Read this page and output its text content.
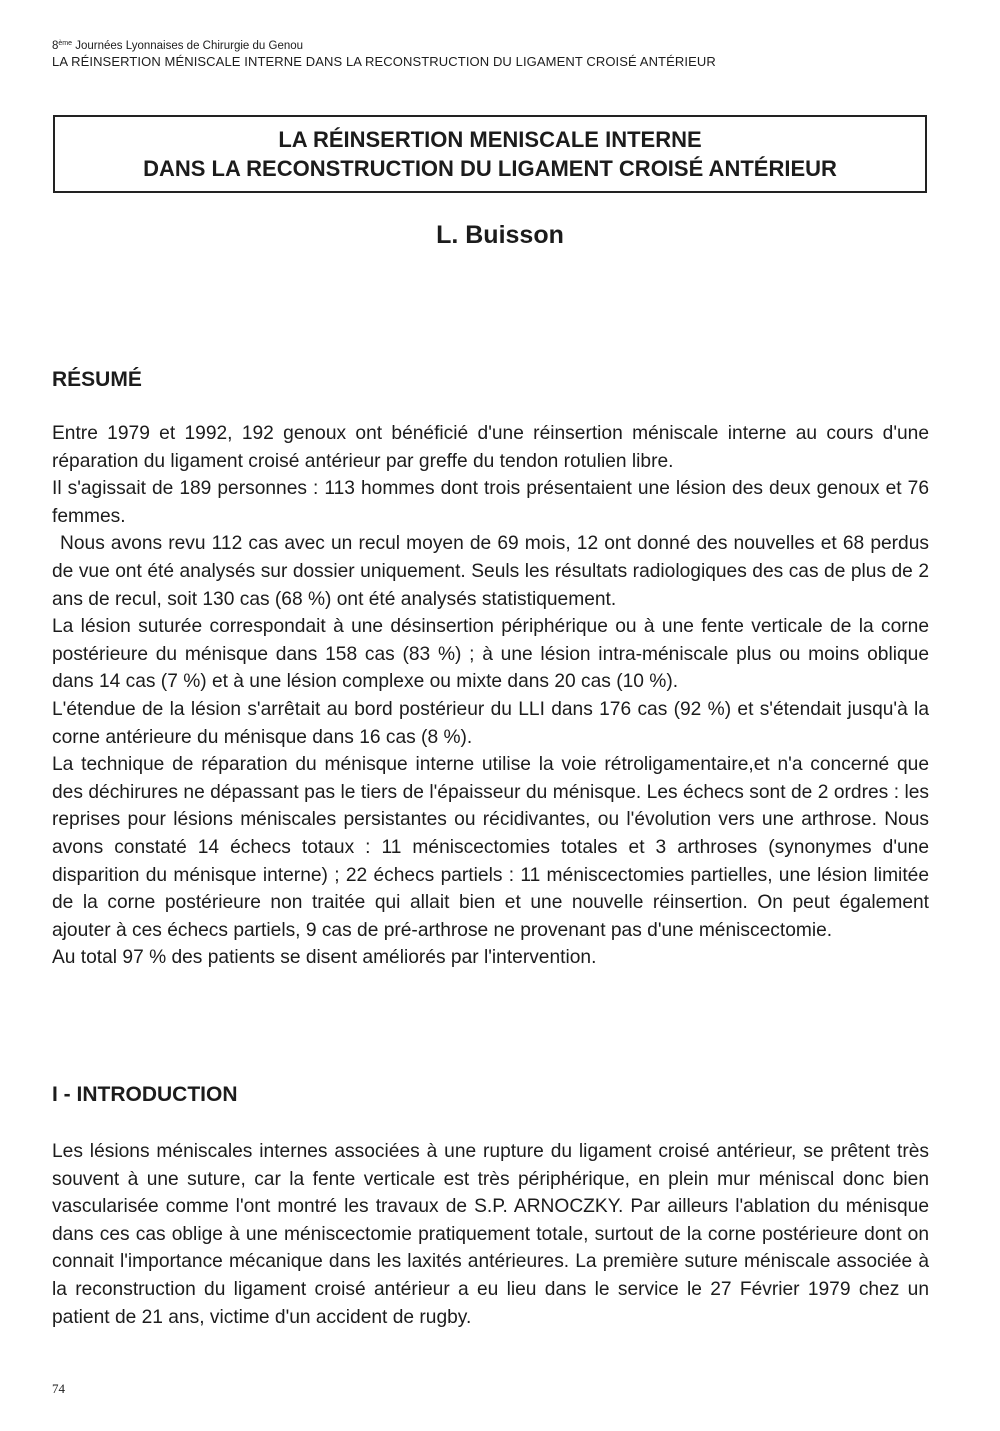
8ème Journées Lyonnaises de Chirurgie du Genou
LA RÉINSERTION MÉNISCALE INTERNE DANS LA RECONSTRUCTION DU LIGAMENT CROISÉ ANTÉRIEUR
LA RÉINSERTION MENISCALE INTERNE
DANS LA RECONSTRUCTION DU LIGAMENT CROISÉ ANTÉRIEUR
L. Buisson
RÉSUMÉ

Entre 1979 et 1992, 192 genoux ont bénéficié d'une réinsertion méniscale interne au cours d'une réparation du ligament croisé antérieur par greffe du tendon rotulien libre.

Il s'agissait de 189 personnes : 113 hommes dont trois présentaient une lésion des deux genoux et 76 femmes.

Nous avons revu 112 cas avec un recul moyen de 69 mois, 12 ont donné des nouvelles et 68 perdus de vue ont été analysés sur dossier uniquement. Seuls les résultats radiologiques des cas de plus de 2 ans de recul, soit 130 cas (68 %) ont été analysés statistiquement.

La lésion suturée correspondait à une désinsertion périphérique ou à une fente verticale de la corne postérieure du ménisque dans 158 cas (83 %) ; à une lésion intra-méniscale plus ou moins oblique dans 14 cas (7 %) et à une lésion complexe ou mixte dans 20 cas (10 %).

L'étendue de la lésion s'arrêtait au bord postérieur du LLI dans 176 cas (92 %) et s'étendait jusqu'à la corne antérieure du ménisque dans 16 cas (8 %).

La technique de réparation du ménisque interne utilise la voie rétroligamentaire,et n'a concerné que des déchirures ne dépassant pas le tiers de l'épaisseur du ménisque. Les échecs sont de 2 ordres : les reprises pour lésions méniscales persistantes ou récidivantes, ou l'évolution vers une arthrose. Nous avons constaté 14 échecs totaux : 11 méniscectomies totales et 3 arthroses (synonymes d'une disparition du ménisque interne) ; 22 échecs partiels : 11 méniscectomies partielles, une lésion limitée de la corne postérieure non traitée qui allait bien et une nouvelle réinsertion. On peut également ajouter à ces échecs partiels, 9 cas de pré-arthrose ne provenant pas d'une méniscectomie.

Au total 97 % des patients se disent améliorés par l'intervention.

I - INTRODUCTION

Les lésions méniscales internes associées à une rupture du ligament croisé antérieur, se prêtent très souvent à une suture, car la fente verticale est très périphérique, en plein mur méniscal donc bien vascularisée comme l'ont montré les travaux de S.P. ARNOCZKY. Par ailleurs l'ablation du ménisque dans ces cas oblige à une méniscectomie pratiquement totale, surtout de la corne postérieure dont on connait l'importance mécanique dans les laxités antérieures. La première suture méniscale associée à la reconstruction du ligament croisé antérieur a eu lieu dans le service le 27 Février 1979 chez un patient de 21 ans, victime d'un accident de rugby.

74
